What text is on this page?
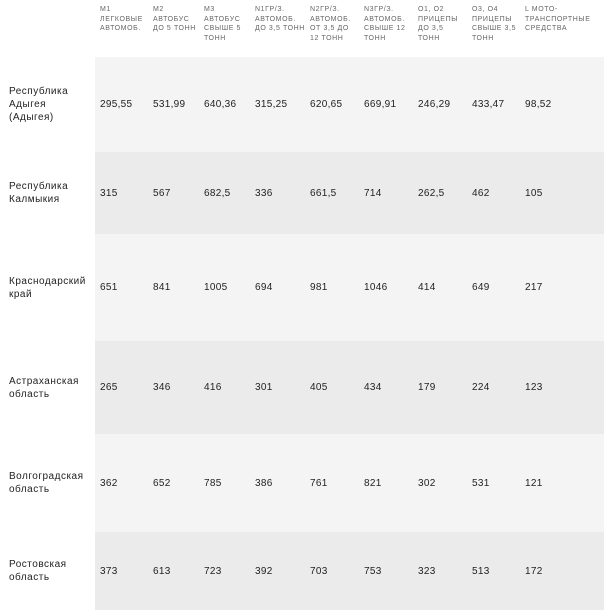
	M1 ЛЕГКОВЫЕ АВТОМОБ.	M2 АВТОБУС ДО 5 ТОНН	M3 АВТОБУС СВЫШЕ 5 ТОНН	N1ГР/З. АВТОМОБ. ДО 3,5 ТОНН	N2ГР/З. АВТОМОБ. ОТ 3,5 ДО 12 ТОНН	N3ГР/З. АВТОМОБ. СВЫШЕ 12 ТОНН	O1, O2 ПРИЦЕПЫ ДО 3,5 ТОНН	O3, O4 ПРИЦЕПЫ СВЫШЕ 3,5 ТОНН	L МОТО-ТРАНСПОРТНЫЕ СРЕДСТВА
Республика Адыгея (Адыгея)	295,55	531,99	640,36	315,25	620,65	669,91	246,29	433,47	98,52
Республика Калмыкия	315	567	682,5	336	661,5	714	262,5	462	105
Краснодарский край	651	841	1005	694	981	1046	414	649	217
Астраханская область	265	346	416	301	405	434	179	224	123
Волгоградская область	362	652	785	386	761	821	302	531	121
Ростовская область	373	613	723	392	703	753	323	513	172
